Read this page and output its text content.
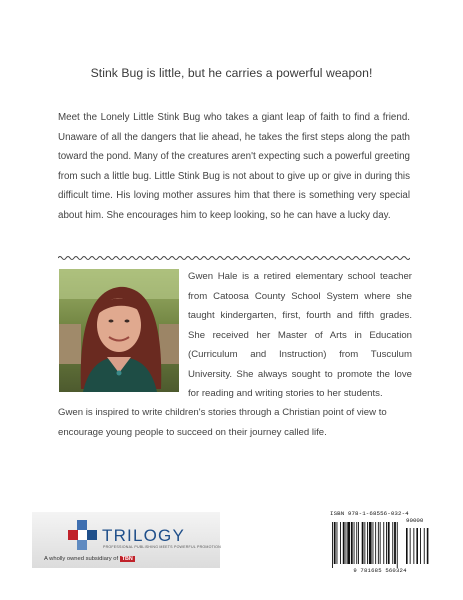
Stink Bug is little, but he carries a powerful weapon!

Meet the Lonely Little Stink Bug who takes a giant leap of faith to find a friend. Unaware of all the dangers that lie ahead, he takes the first steps along the path toward the pond. Many of the creatures aren't expecting such a powerful greeting from such a little bug. Little Stink Bug is not about to give up or give in during this difficult time. His loving mother assures him that there is something very special about him. She encourages him to keep looking, so he can have a lucky day.

Gwen Hale is a retired elementary school teacher from Catoosa County School System where she taught kindergarten, first, fourth and fifth grades. She received her Master of Arts in Education (Curriculum and Instruction) from Tusculum University. She always sought to promote the love for reading and writing stories to her students.

Gwen is inspired to write children's stories through a Christian point of view to encourage young people to succeed on their journey called life.

TRILOGY
PROFESSIONAL PUBLISHING MEETS POWERFUL PROMOTION
A wholly owned subsidiary of TBN
ISBN 978-1-68556-032-4
90000
9 781685 560324
